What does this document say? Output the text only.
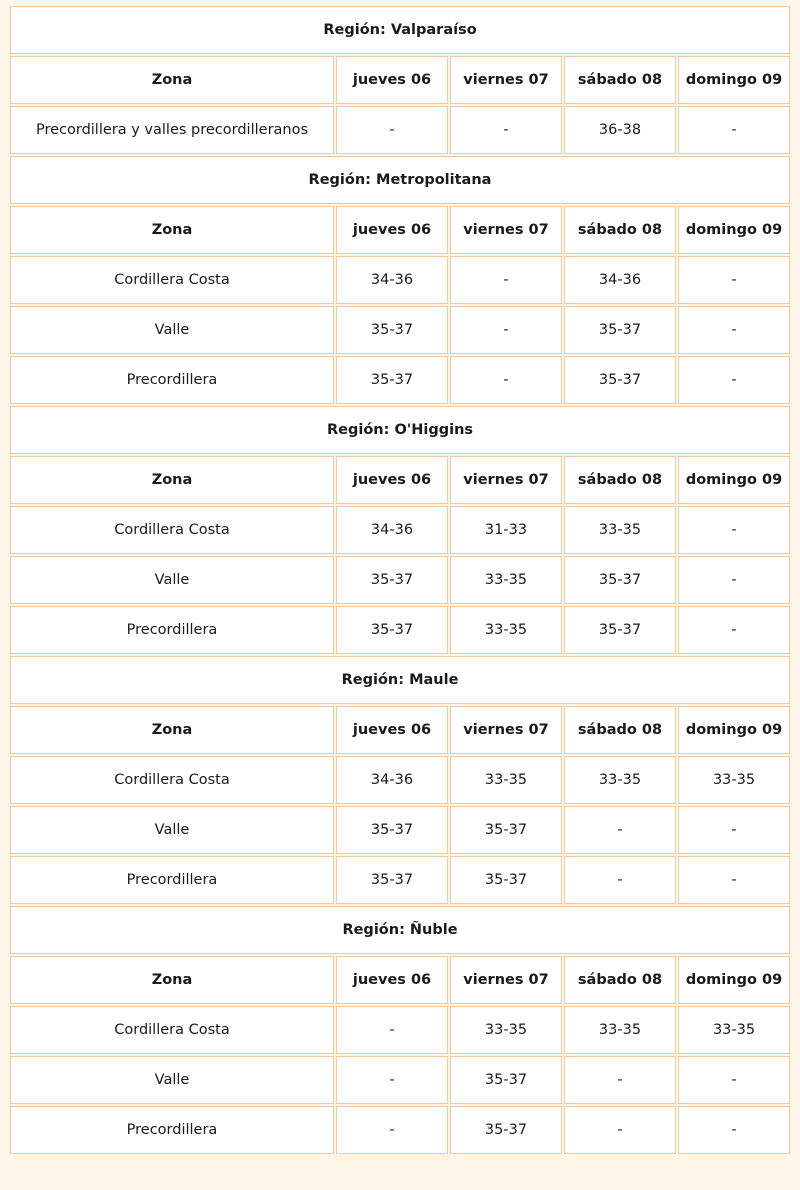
Región: Valparaíso				
Zona	jueves 06	viernes 07	sábado 08	domingo 09
Precordillera y valles precordilleranos	-	-	36-38	-
Región: Metropolitana				
Zona	jueves 06	viernes 07	sábado 08	domingo 09
Cordillera Costa	34-36	-	34-36	-
Valle	35-37	-	35-37	-
Precordillera	35-37	-	35-37	-
Región: O'Higgins				
Zona	jueves 06	viernes 07	sábado 08	domingo 09
Cordillera Costa	34-36	31-33	33-35	-
Valle	35-37	33-35	35-37	-
Precordillera	35-37	33-35	35-37	-
Región: Maule				
Zona	jueves 06	viernes 07	sábado 08	domingo 09
Cordillera Costa	34-36	33-35	33-35	33-35
Valle	35-37	35-37	-	-
Precordillera	35-37	35-37	-	-
Región: Ñuble				
Zona	jueves 06	viernes 07	sábado 08	domingo 09
Cordillera Costa	-	33-35	33-35	33-35
Valle	-	35-37	-	-
Precordillera	-	35-37	-	-
